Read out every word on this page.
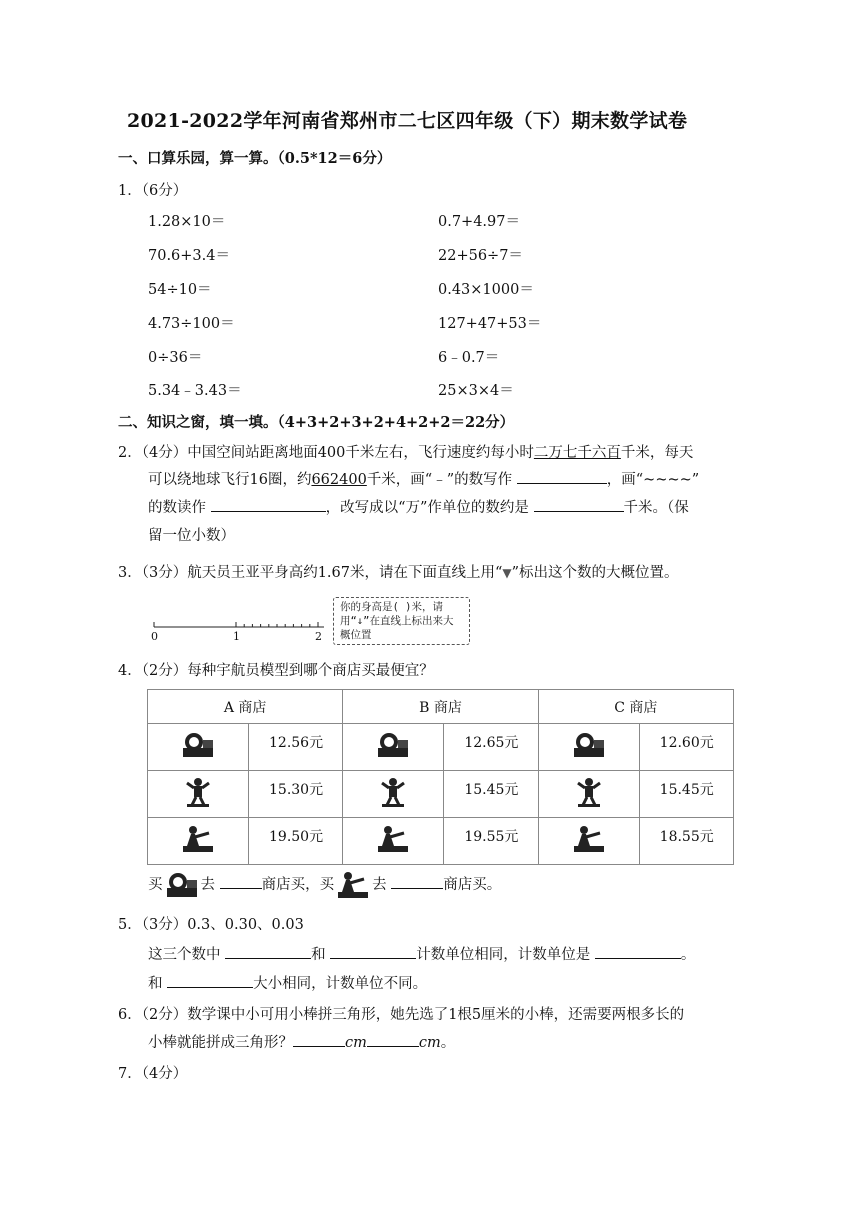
2021-2022学年河南省郑州市二七区四年级（下）期末数学试卷
一、口算乐园，算一算。（0.5*12＝6分）
1．（6分）
1.28×10＝	0.7+4.97＝
70.6+3.4＝	22+56÷7＝
54÷10＝	0.43×1000＝
4.73÷100＝	127+47+53＝
0÷36＝	6﹣0.7＝
5.34﹣3.43＝	25×3×4＝
二、知识之窗，填一填。（4+3+2+3+2+4+2+2＝22分）
2．（4分）中国空间站距离地面400千米左右，飞行速度约每小时二万七千六百千米，每天
可以绕地球飞行16圈，约662400千米，画“﹣”的数写作	，画“~~~~”
的数读作	，改写成以“万”作单位的数约是	千米。（保
留一位小数）
3．（3分）航天员王亚平身高约1.67米，请在下面直线上用“▼”标出这个数的大概位置。
0	1	2
你的身高是( )米，请用“↓”在直线上标出来大概位置
4．（2分）每种宇航员模型到哪个商店买最便宜？
A 商店		B 商店		C 商店	
	12.56元		12.65元		12.60元
	15.30元		15.45元		15.45元
	19.50元		19.55元		18.55元
买	去	商店买，买	去	商店买。
5．（3分）0.3、0.30、0.03
这三个数中	和	计数单位相同，计数单位是	。
和	大小相同，计数单位不同。
6．（2分）数学课中小可用小棒拼三角形，她先选了1根5厘米的小棒，还需要两根多长的
小棒就能拼成三角形？	cm	cm。
7．（4分）
